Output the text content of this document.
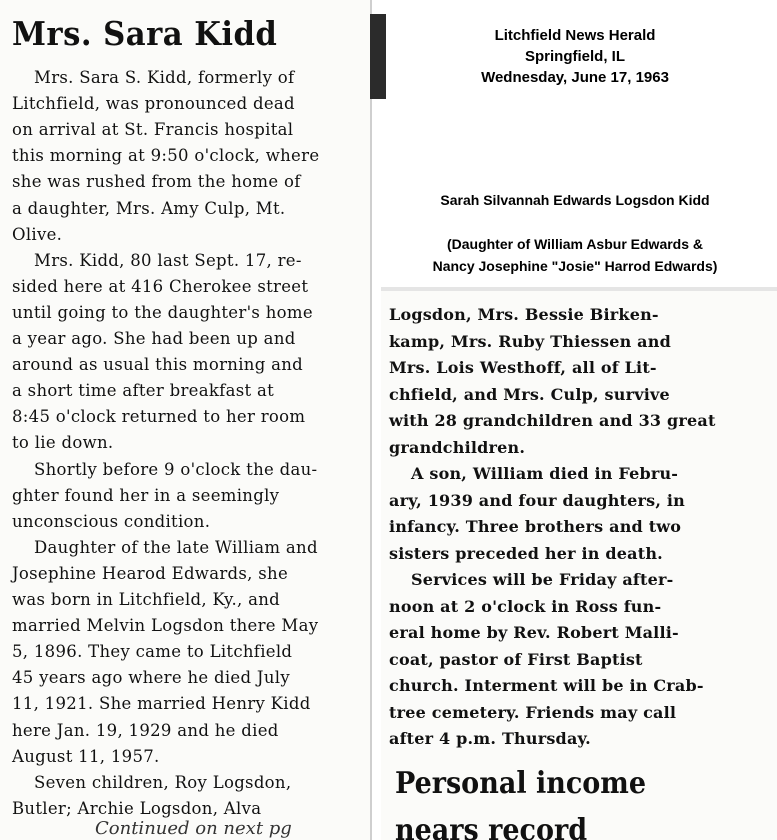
Mrs. Sara Kidd
Mrs. Sara S. Kidd, formerly of
Litchfield, was pronounced dead
on arrival at St. Francis hospital
this morning at 9:50 o'clock, where
she was rushed from the home of
a daughter, Mrs. Amy Culp, Mt.
Olive.
Mrs. Kidd, 80 last Sept. 17, re-
sided here at 416 Cherokee street
until going to the daughter's home
a year ago. She had been up and
around as usual this morning and
a short time after breakfast at
8:45 o'clock returned to her room
to lie down.
Shortly before 9 o'clock the dau-
ghter found her in a seemingly
unconscious condition.
Daughter of the late William and
Josephine Hearod Edwards, she
was born in Litchfield, Ky., and
married Melvin Logsdon there May
5, 1896. They came to Litchfield
45 years ago where he died July
11, 1921. She married Henry Kidd
here Jan. 19, 1929 and he died
August 11, 1957.
Seven children, Roy Logsdon,
Butler; Archie Logsdon, Alva
Continued on next pg
Litchfield News Herald
Springfield, IL
Wednesday, June 17, 1963
Sarah Silvannah Edwards Logsdon Kidd
(Daughter of William Asbur Edwards &
Nancy Josephine "Josie" Harrod Edwards)
Logsdon, Mrs. Bessie Birken-
kamp, Mrs. Ruby Thiessen and
Mrs. Lois Westhoff, all of Lit-
chfield, and Mrs. Culp, survive
with 28 grandchildren and 33 great
grandchildren.
A son, William died in Febru-
ary, 1939 and four daughters, in
infancy. Three brothers and two
sisters preceded her in death.
Services will be Friday after-
noon at 2 o'clock in Ross fun-
eral home by Rev. Robert Malli-
coat, pastor of First Baptist
church. Interment will be in Crab-
tree cemetery. Friends may call
after 4 p.m. Thursday.
Personal income
nears record
